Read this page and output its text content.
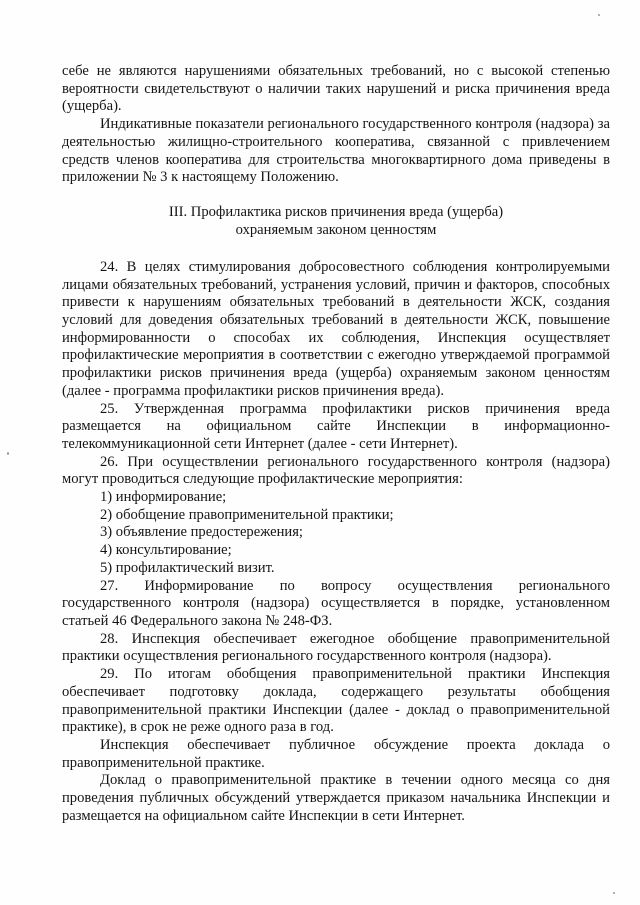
себе не являются нарушениями обязательных требований, но с высокой степенью вероятности свидетельствуют о наличии таких нарушений и риска причинения вреда (ущерба).

Индикативные показатели регионального государственного контроля (надзора) за деятельностью жилищно-строительного кооператива, связанной с привлечением средств членов кооператива для строительства многоквартирного дома приведены в приложении № 3 к настоящему Положению.

III. Профилактика рисков причинения вреда (ущерба)
охраняемым законом ценностям

24. В целях стимулирования добросовестного соблюдения контролируемыми лицами обязательных требований, устранения условий, причин и факторов, способных привести к нарушениям обязательных требований в деятельности ЖСК, создания условий для доведения обязательных требований в деятельности ЖСК, повышение информированности о способах их соблюдения, Инспекция осуществляет профилактические мероприятия в соответствии с ежегодно утверждаемой программой профилактики рисков причинения вреда (ущерба) охраняемым законом ценностям (далее - программа профилактики рисков причинения вреда).

25. Утвержденная программа профилактики рисков причинения вреда размещается на официальном сайте Инспекции в информационно-телекоммуникационной сети Интернет (далее - сети Интернет).

26. При осуществлении регионального государственного контроля (надзора) могут проводиться следующие профилактические мероприятия:

1) информирование;
2) обобщение правоприменительной практики;
3) объявление предостережения;
4) консультирование;
5) профилактический визит.

27. Информирование по вопросу осуществления регионального государственного контроля (надзора) осуществляется в порядке, установленном статьей 46 Федерального закона № 248-ФЗ.

28. Инспекция обеспечивает ежегодное обобщение правоприменительной практики осуществления регионального государственного контроля (надзора).

29. По итогам обобщения правоприменительной практики Инспекция обеспечивает подготовку доклада, содержащего результаты обобщения правоприменительной практики Инспекции (далее - доклад о правоприменительной практике), в срок не реже одного раза в год.

Инспекция обеспечивает публичное обсуждение проекта доклада о правоприменительной практике.

Доклад о правоприменительной практике в течении одного месяца со дня проведения публичных обсуждений утверждается приказом начальника Инспекции и размещается на официальном сайте Инспекции в сети Интернет.
